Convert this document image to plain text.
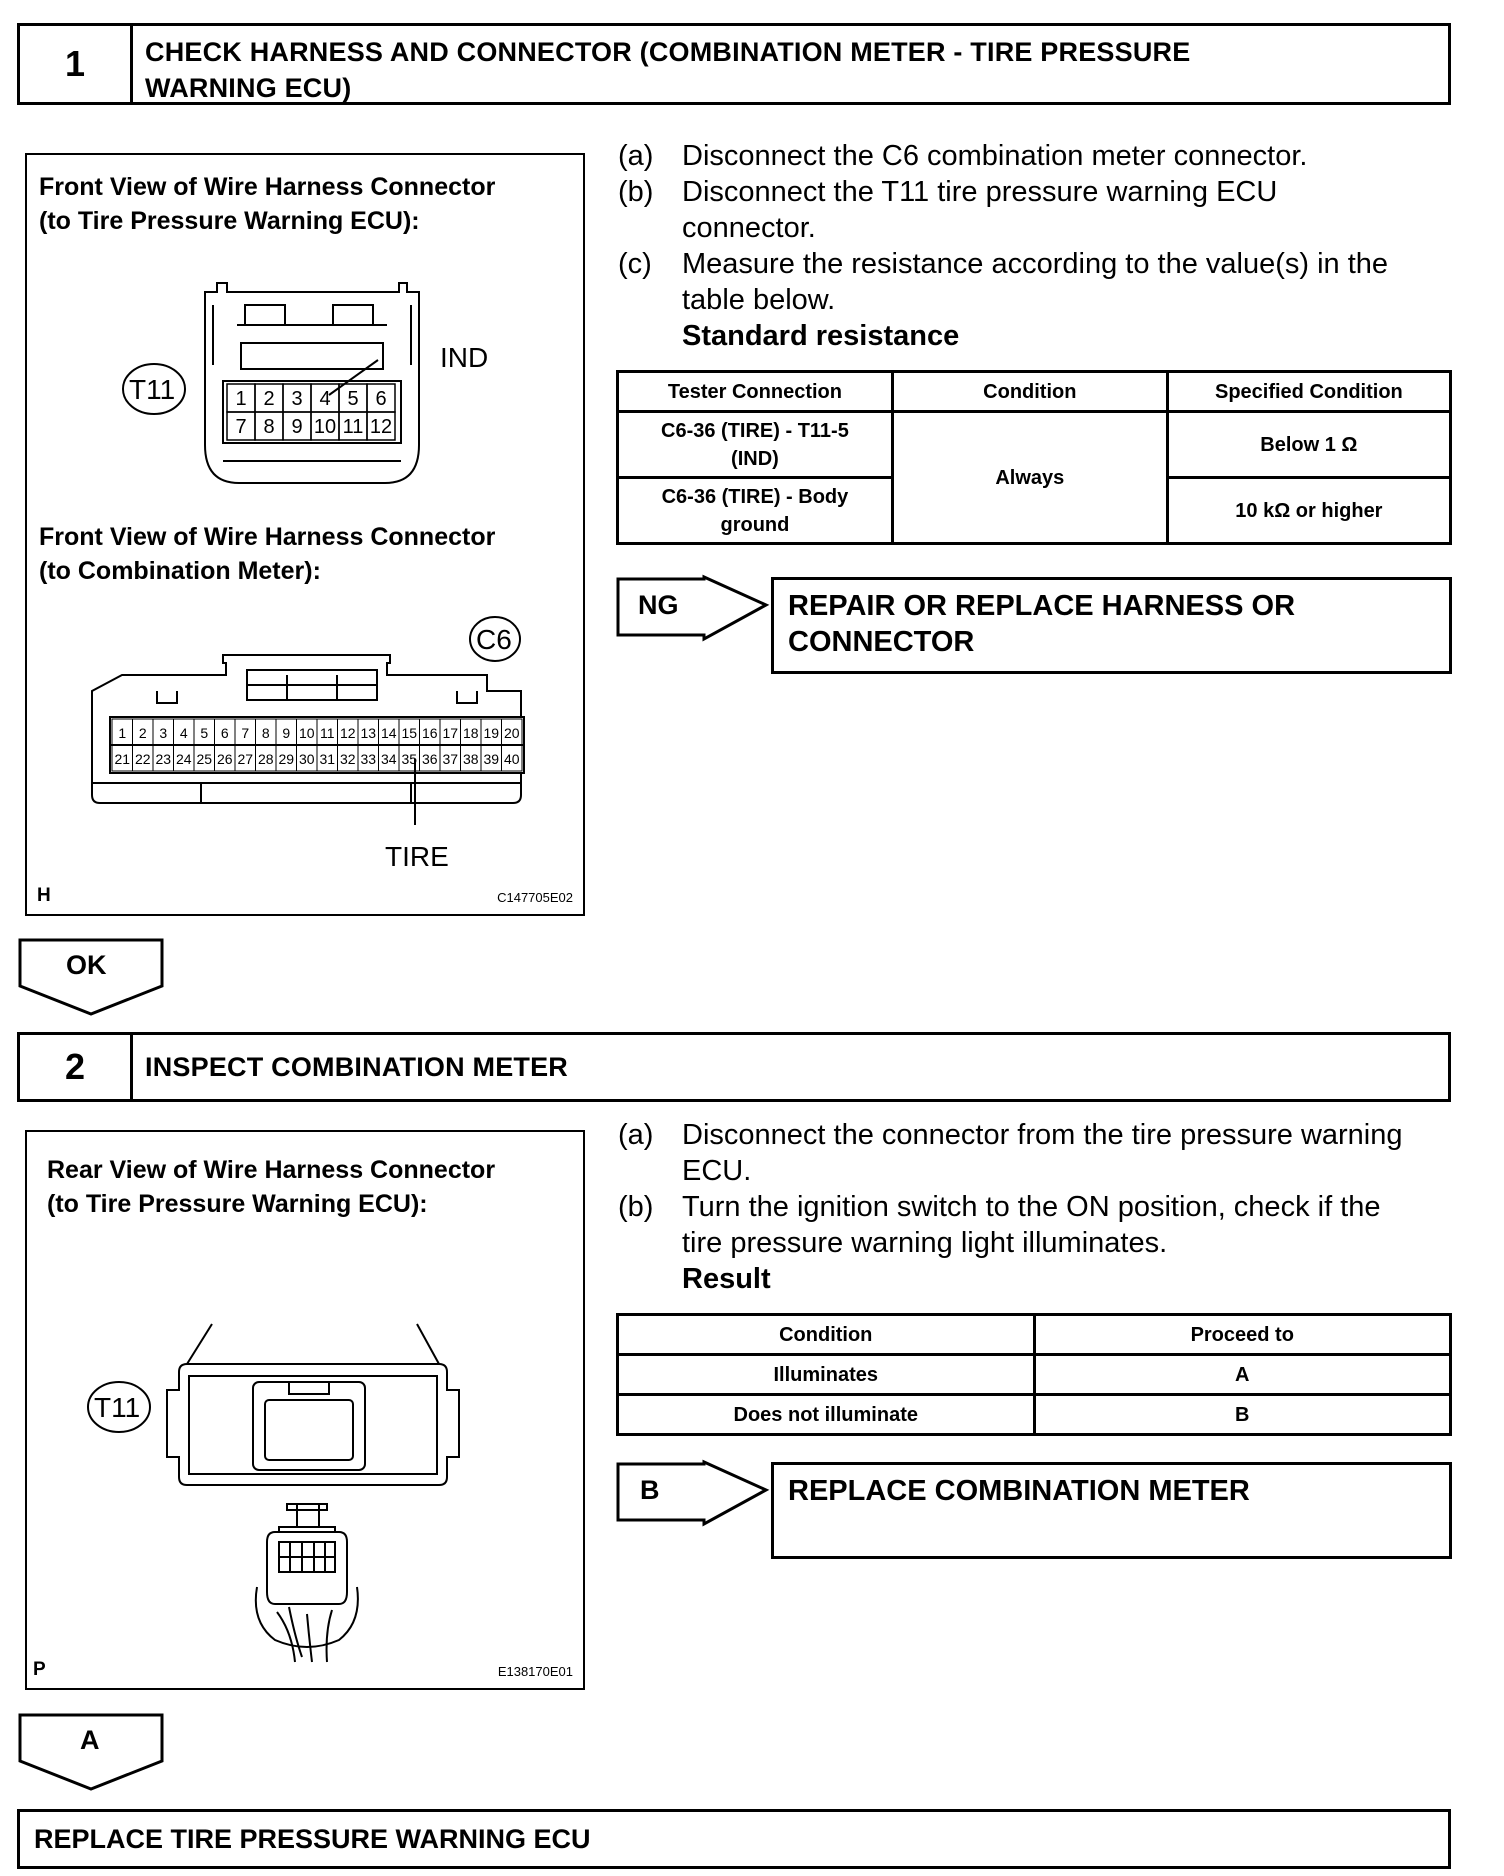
1	CHECK HARNESS AND CONNECTOR (COMBINATION METER - TIRE PRESSURE
WARNING ECU)
Front View of Wire Harness Connector
(to Tire Pressure Warning ECU):
Front View of Wire Harness Connector
(to Combination Meter):
T11
IND
1 2 3 4 5 6
7 8 9 10 11 12
C6
TIRE
1 2 3 4 5 6 7 8 9 10 11 12 13 14 15 16 17 18 19 20
21 22 23 24 25 26 27 28 29 30 31 32 33 34 35 36 37 38 39 40
H	C147705E02
(a) Disconnect the C6 combination meter connector.
(b) Disconnect the T11 tire pressure warning ECU
connector.
(c) Measure the resistance according to the value(s) in the
table below.
Standard resistance
Tester Connection	Condition	Specified Condition

C6-36 (TIRE) - T11-5
(IND)	Always	Below 1 Ω

C6-36 (TIRE) - Body
ground		10 kΩ or higher
NG	REPAIR OR REPLACE HARNESS OR
CONNECTOR
OK
2	INSPECT COMBINATION METER
Rear View of Wire Harness Connector
(to Tire Pressure Warning ECU):
T11
P	E138170E01
(a) Disconnect the connector from the tire pressure warning
ECU.
(b) Turn the ignition switch to the ON position, check if the
tire pressure warning light illuminates.
Result
Condition	Proceed to
Illuminates	A
Does not illuminate	B
B	REPLACE COMBINATION METER
A
REPLACE TIRE PRESSURE WARNING ECU
